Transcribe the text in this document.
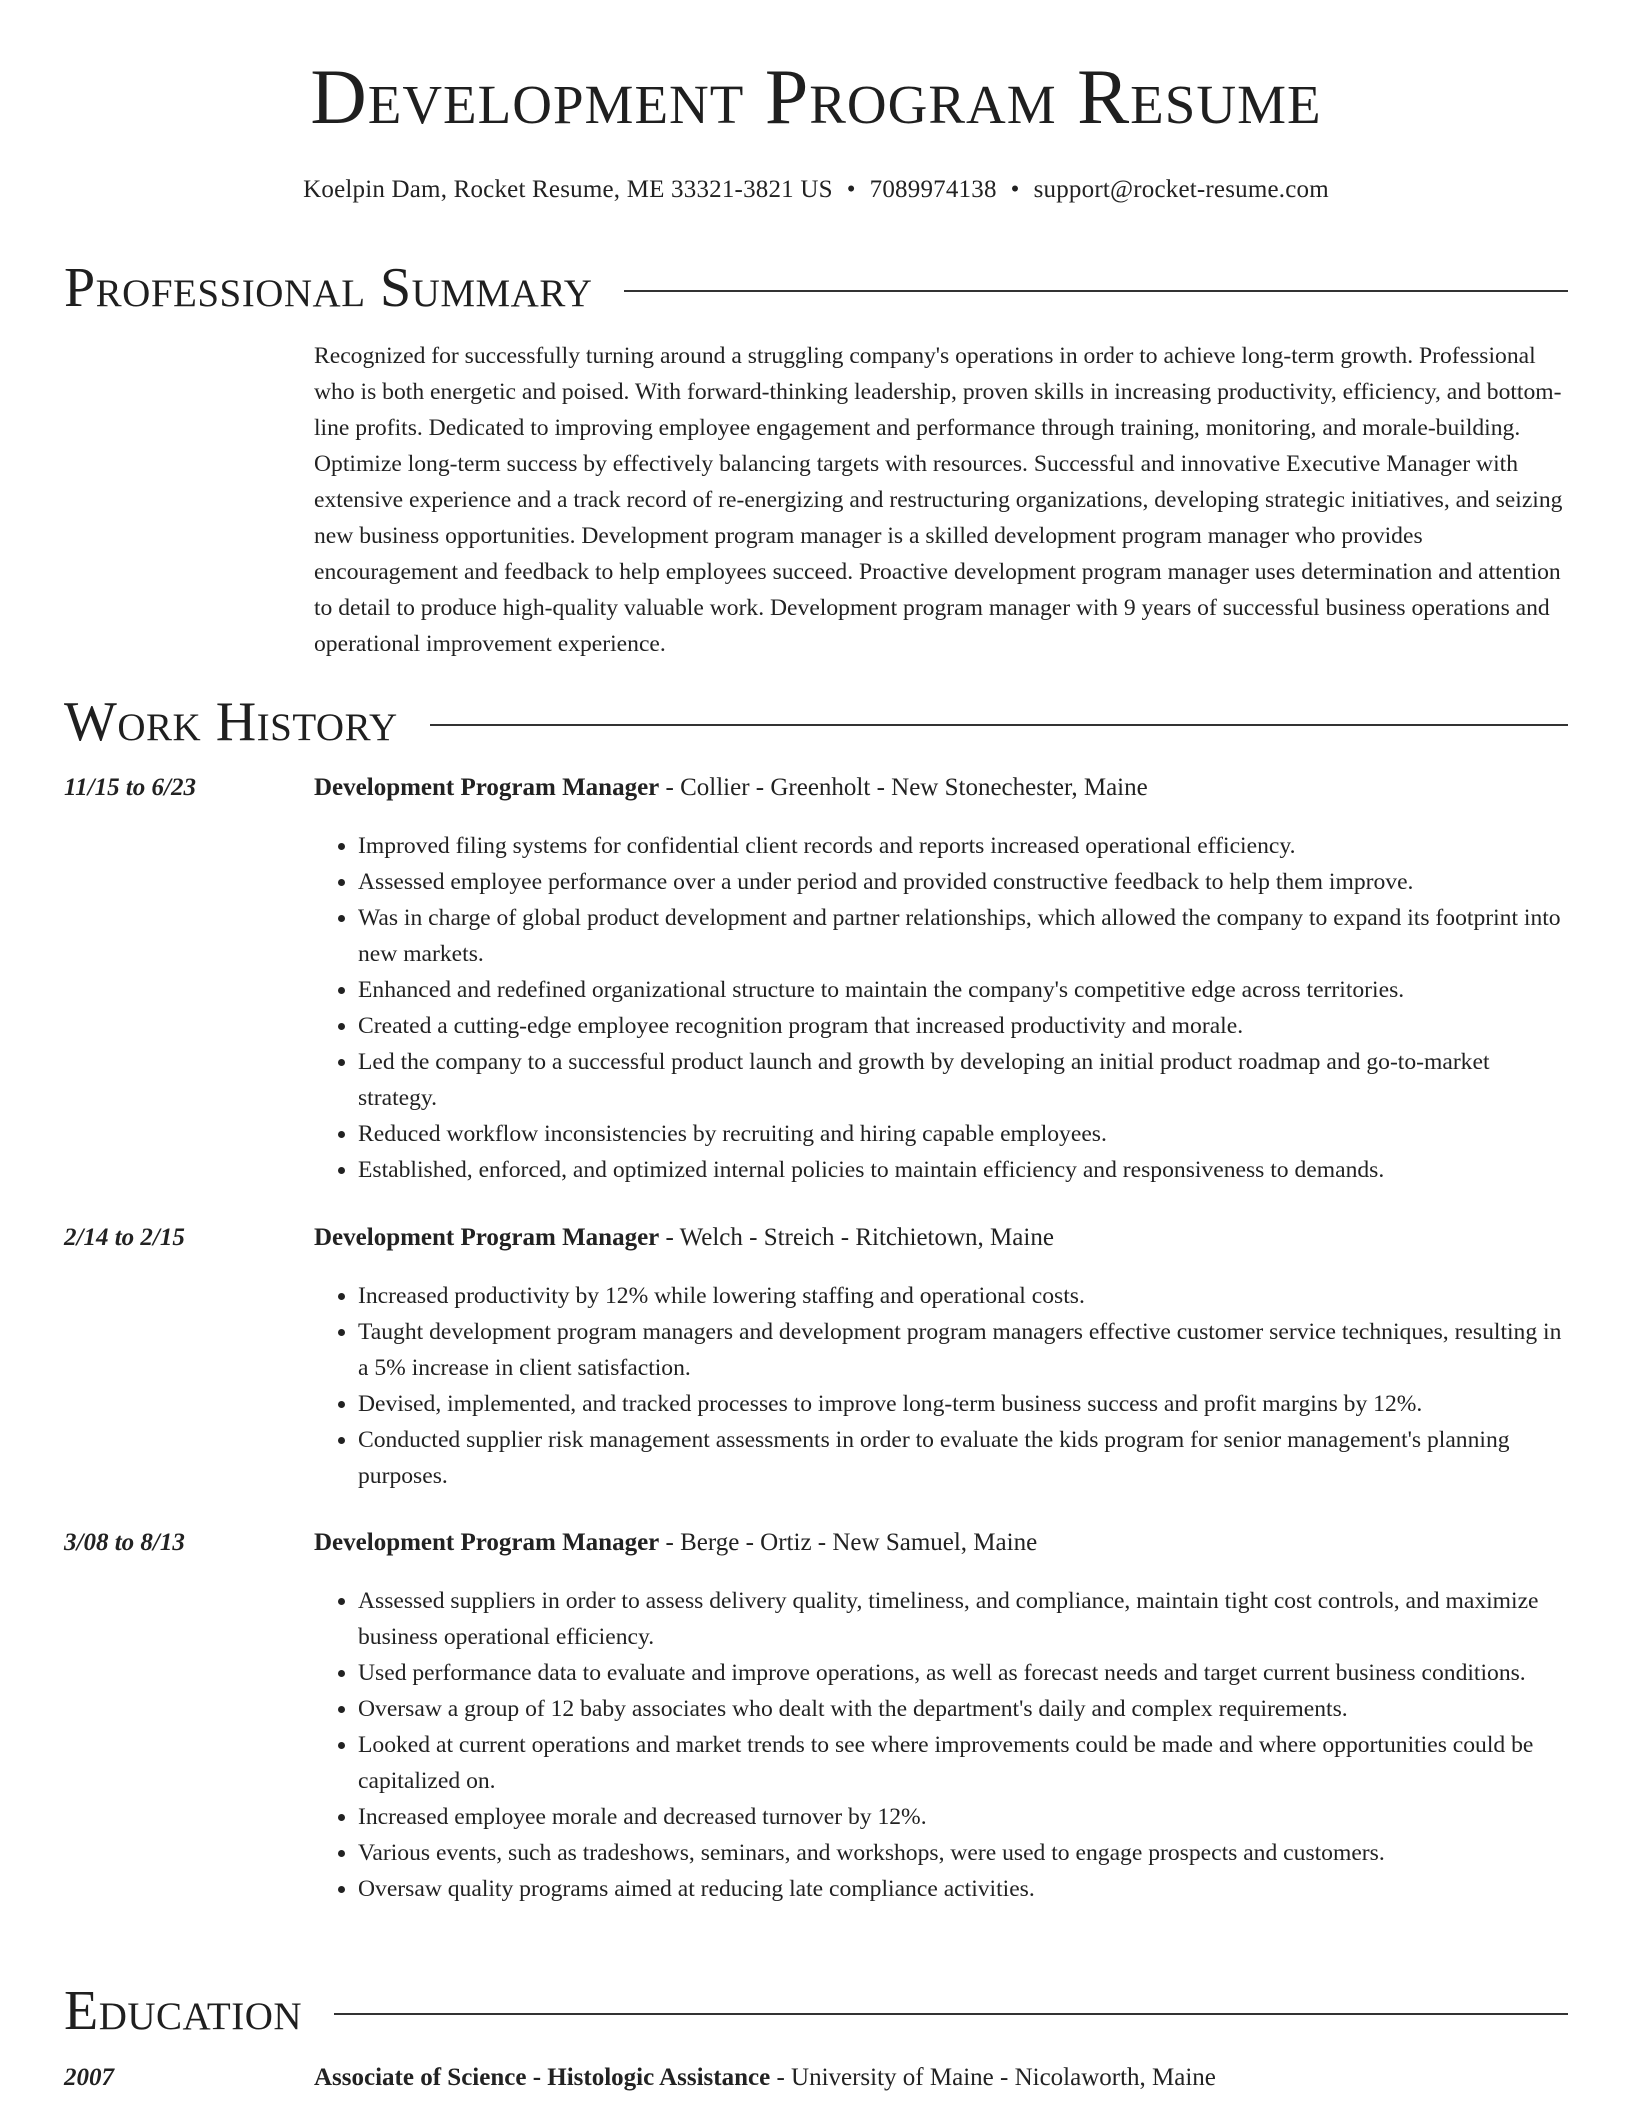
Development Program Resume
Koelpin Dam, Rocket Resume, ME 33321-3821 US • 7089974138 • support@rocket-resume.com
Professional Summary
Recognized for successfully turning around a struggling company's operations in order to achieve long-term growth. Professional who is both energetic and poised. With forward-thinking leadership, proven skills in increasing productivity, efficiency, and bottom-line profits. Dedicated to improving employee engagement and performance through training, monitoring, and morale-building. Optimize long-term success by effectively balancing targets with resources. Successful and innovative Executive Manager with extensive experience and a track record of re-energizing and restructuring organizations, developing strategic initiatives, and seizing new business opportunities. Development program manager is a skilled development program manager who provides encouragement and feedback to help employees succeed. Proactive development program manager uses determination and attention to detail to produce high-quality valuable work. Development program manager with 9 years of successful business operations and operational improvement experience.
Work History
11/15 to 6/23	Development Program Manager - Collier - Greenholt - New Stonechester, Maine
• Improved filing systems for confidential client records and reports increased operational efficiency.
• Assessed employee performance over a under period and provided constructive feedback to help them improve.
• Was in charge of global product development and partner relationships, which allowed the company to expand its footprint into new markets.
• Enhanced and redefined organizational structure to maintain the company's competitive edge across territories.
• Created a cutting-edge employee recognition program that increased productivity and morale.
• Led the company to a successful product launch and growth by developing an initial product roadmap and go-to-market strategy.
• Reduced workflow inconsistencies by recruiting and hiring capable employees.
• Established, enforced, and optimized internal policies to maintain efficiency and responsiveness to demands.
2/14 to 2/15	Development Program Manager - Welch - Streich - Ritchietown, Maine
• Increased productivity by 12% while lowering staffing and operational costs.
• Taught development program managers and development program managers effective customer service techniques, resulting in a 5% increase in client satisfaction.
• Devised, implemented, and tracked processes to improve long-term business success and profit margins by 12%.
• Conducted supplier risk management assessments in order to evaluate the kids program for senior management's planning purposes.
3/08 to 8/13	Development Program Manager - Berge - Ortiz - New Samuel, Maine
• Assessed suppliers in order to assess delivery quality, timeliness, and compliance, maintain tight cost controls, and maximize business operational efficiency.
• Used performance data to evaluate and improve operations, as well as forecast needs and target current business conditions.
• Oversaw a group of 12 baby associates who dealt with the department's daily and complex requirements.
• Looked at current operations and market trends to see where improvements could be made and where opportunities could be capitalized on.
• Increased employee morale and decreased turnover by 12%.
• Various events, such as tradeshows, seminars, and workshops, were used to engage prospects and customers.
• Oversaw quality programs aimed at reducing late compliance activities.
Education
2007	Associate of Science - Histologic Assistance - University of Maine - Nicolaworth, Maine
